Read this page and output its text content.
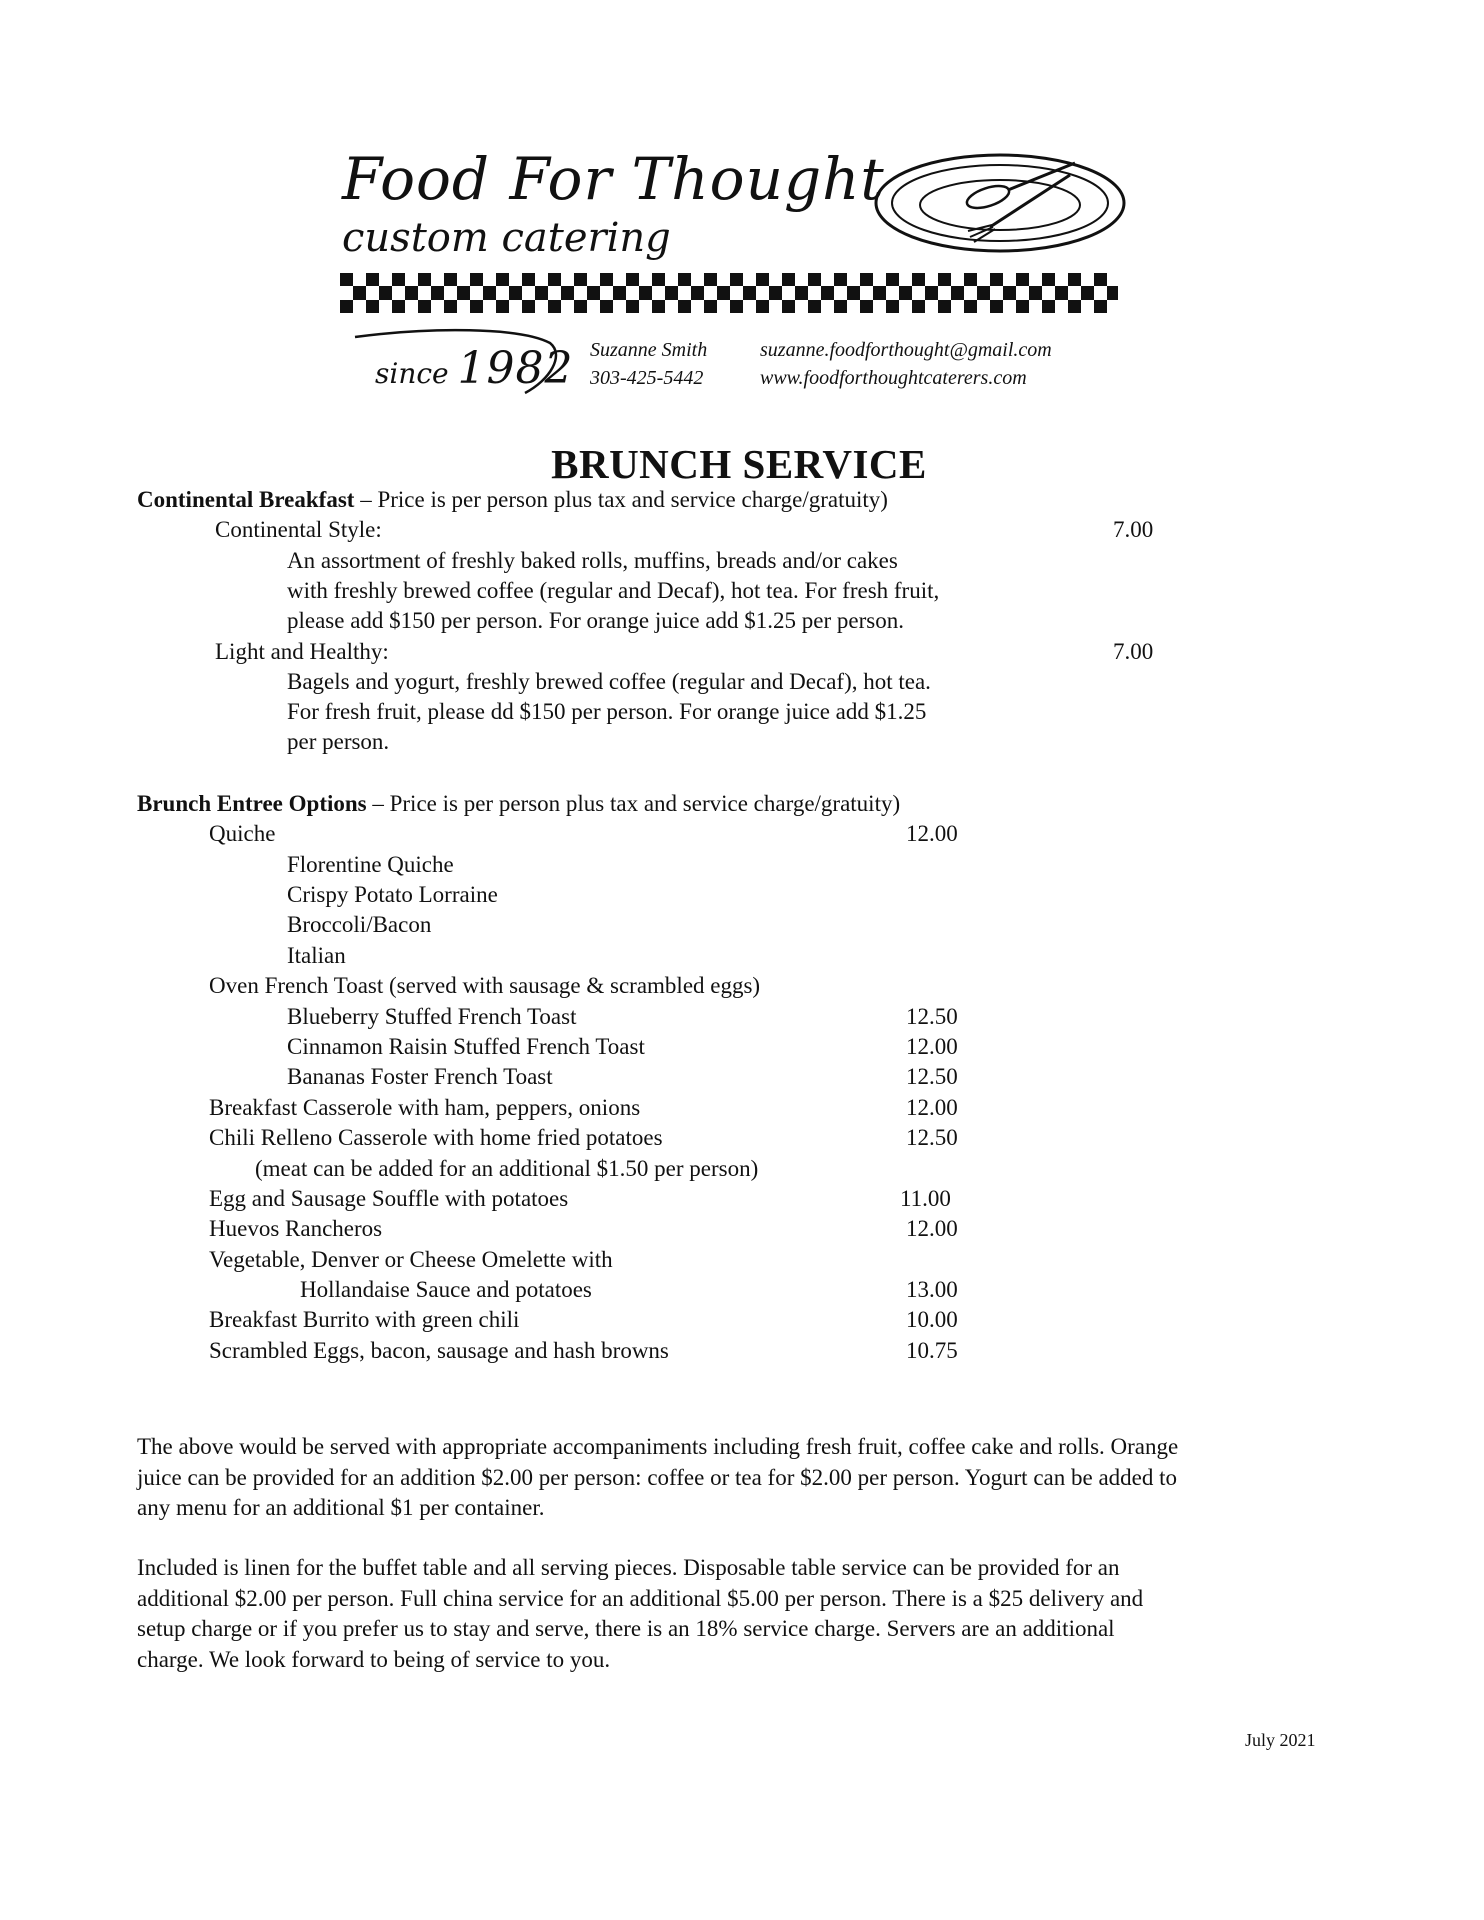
Food For Thought
custom catering
since 1982 Suzanne Smith
303-425-5442
suzanne.foodforthought@gmail.com
www.foodforthoughtcaterers.com
BRUNCH SERVICE
Continental Breakfast – Price is per person plus tax and service charge/gratuity)
Continental Style:	7.00
An assortment of freshly baked rolls, muffins, breads and/or cakes
with freshly brewed coffee (regular and Decaf), hot tea. For fresh fruit,
please add $150 per person. For orange juice add $1.25 per person.
Light and Healthy:	7.00
Bagels and yogurt, freshly brewed coffee (regular and Decaf), hot tea.
For fresh fruit, please dd $150 per person. For orange juice add $1.25
per person.
Brunch Entree Options – Price is per person plus tax and service charge/gratuity)
Quiche	12.00
Florentine Quiche
Crispy Potato Lorraine
Broccoli/Bacon
Italian
Oven French Toast (served with sausage & scrambled eggs)
Blueberry Stuffed French Toast	12.50
Cinnamon Raisin Stuffed French Toast	12.00
Bananas Foster French Toast	12.50
Breakfast Casserole with ham, peppers, onions	12.00
Chili Relleno Casserole with home fried potatoes	12.50
(meat can be added for an additional $1.50 per person)
Egg and Sausage Souffle with potatoes	11.00
Huevos Rancheros	12.00
Vegetable, Denver or Cheese Omelette with
Hollandaise Sauce and potatoes	13.00
Breakfast Burrito with green chili	10.00
Scrambled Eggs, bacon, sausage and hash browns	10.75
The above would be served with appropriate accompaniments including fresh fruit, coffee cake and rolls. Orange
juice can be provided for an addition $2.00 per person: coffee or tea for $2.00 per person. Yogurt can be added to
any menu for an additional $1 per container.
Included is linen for the buffet table and all serving pieces. Disposable table service can be provided for an
additional $2.00 per person. Full china service for an additional $5.00 per person. There is a $25 delivery and
setup charge or if you prefer us to stay and serve, there is an 18% service charge. Servers are an additional
charge. We look forward to being of service to you.
July 2021
